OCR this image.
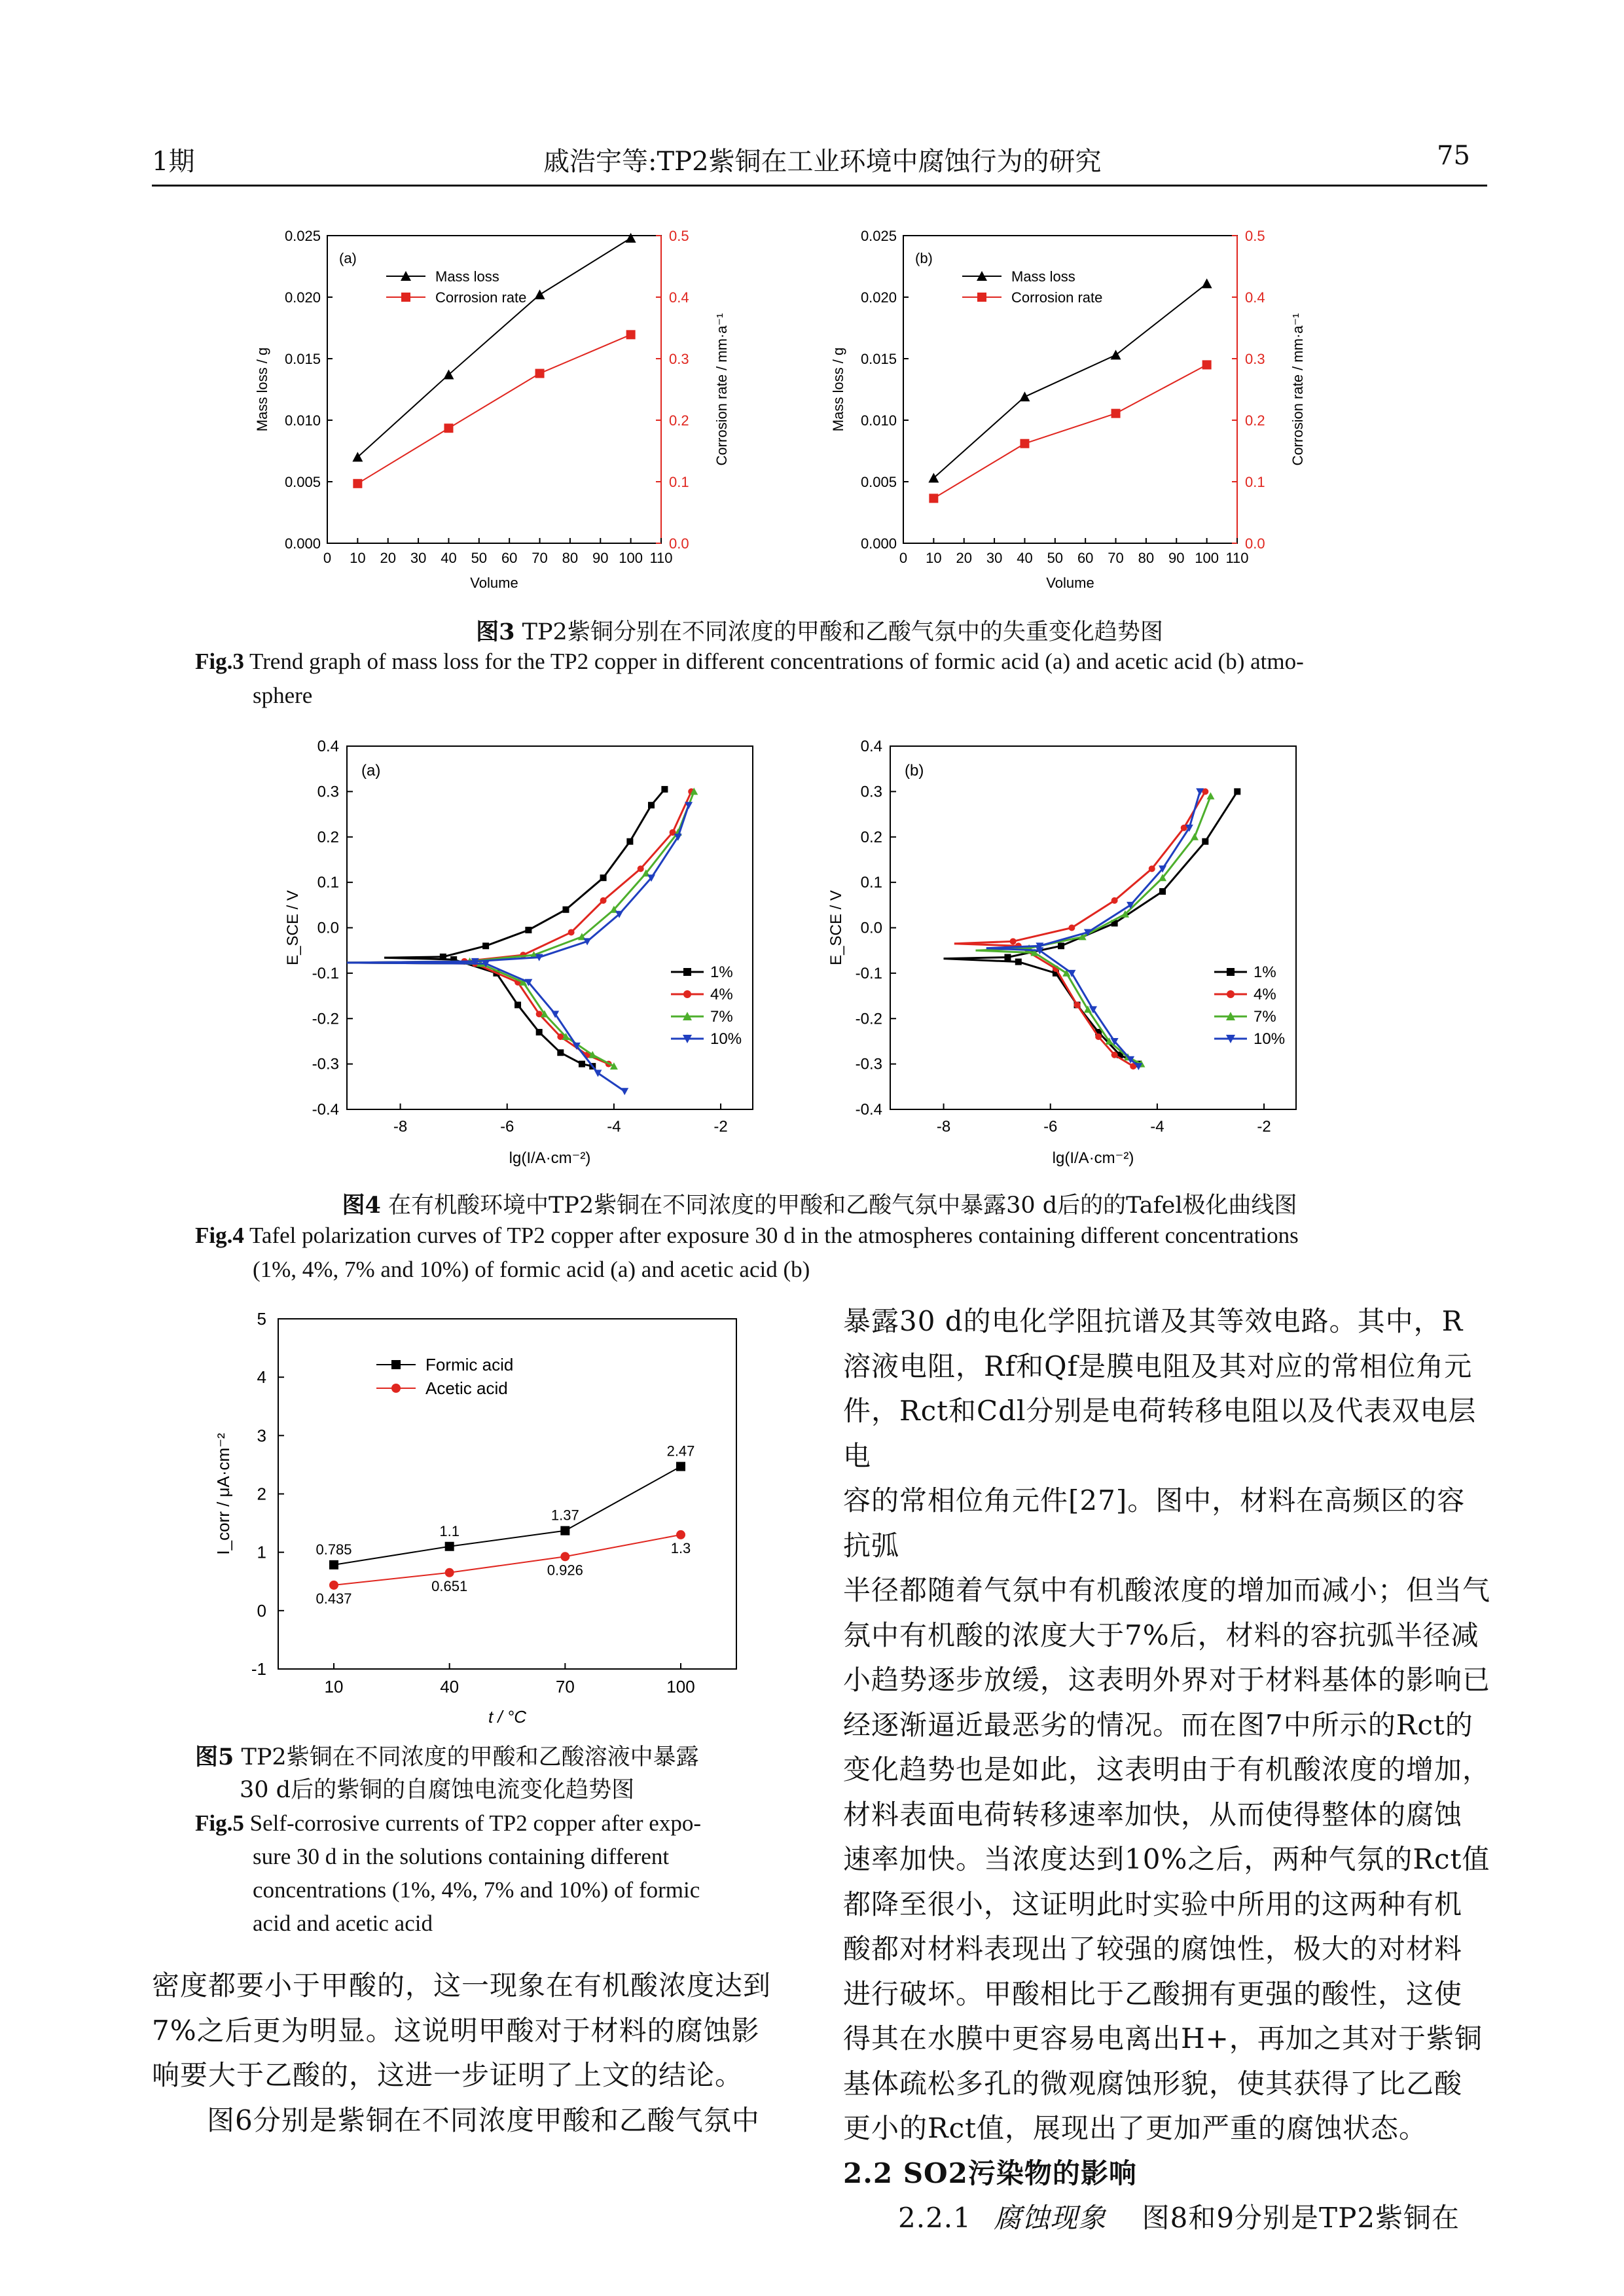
1期	戚浩宇等:TP2紫铜在工业环境中腐蚀行为的研究	75
0 10 20 30 40 50 60 70 80 90 100 110
0.000
0.005
0.010
0.015
0.020
0.025
0.0
0.1
0.2
0.3
0.4
0.5
Volume
Mass loss / g	Corrosion rate / mm·a⁻¹
(a)
Mass loss
Corrosion rate
0 10 20 30 40 50 60 70 80 90 100 110
0.000
0.005
0.010
0.015
0.020
0.025
0.0
0.1
0.2
0.3
0.4
0.5
Volume
Mass loss / g	Corrosion rate / mm·a⁻¹
(b)
Mass loss
Corrosion rate
图3 TP2紫铜分别在不同浓度的甲酸和乙酸气氛中的失重变化趋势图
Fig.3 Trend graph of mass loss for the TP2 copper in different concentrations of formic acid (a) and acetic acid (b) atmo-
sphere
-8	-6	-4	-2
-0.4
-0.3
-0.2
-0.1
0.0
0.1
0.2
0.3
0.4
lg(I/A·cm⁻²)
E_SCE / V
(a)
1%
4%
7%
10%
-8	-6	-4	-2
-0.4
-0.3
-0.2
-0.1
0.0
0.1
0.2
0.3
0.4
lg(I/A·cm⁻²)
E_SCE / V
(b)
1%
4%
7%
10%
图4 在有机酸环境中TP2紫铜在不同浓度的甲酸和乙酸气氛中暴露30 d后的的Tafel极化曲线图
Fig.4 Tafel polarization curves of TP2 copper after exposure 30 d in the atmospheres containing different concentrations
(1%, 4%, 7% and 10%) of formic acid (a) and acetic acid (b)
10	40	70	100
-1
0
1
2
3
4
5
t / °C
I_corr / μA·cm⁻²	0.785
1.1
1.37
2.47
Formic acid
0.437
0.651
0.926
1.3
Acetic acid
图5 TP2紫铜在不同浓度的甲酸和乙酸溶液中暴露
30 d后的紫铜的自腐蚀电流变化趋势图
Fig.5 Self-corrosive currents of TP2 copper after expo-
sure 30 d in the solutions containing different
concentrations (1%, 4%, 7% and 10%) of formic
acid and acetic acid

密度都要小于甲酸的，这一现象在有机酸浓度达到

7%之后更为明显。这说明甲酸对于材料的腐蚀影

响要大于乙酸的，这进一步证明了上文的结论。

图6分别是紫铜在不同浓度甲酸和乙酸气氛中

暴露30 d的电化学阻抗谱及其等效电路。其中，R

溶液电阻，Rf和Qf是膜电阻及其对应的常相位角元

件，Rct和Cdl分别是电荷转移电阻以及代表双电层电

容的常相位角元件[27]。图中，材料在高频区的容抗弧

半径都随着气氛中有机酸浓度的增加而减小；但当气

氛中有机酸的浓度大于7%后，材料的容抗弧半径减

小趋势逐步放缓，这表明外界对于材料基体的影响已

经逐渐逼近最恶劣的情况。而在图7中所示的Rct的

变化趋势也是如此，这表明由于有机酸浓度的增加，

材料表面电荷转移速率加快，从而使得整体的腐蚀

速率加快。当浓度达到10%之后，两种气氛的Rct值

都降至很小，这证明此时实验中所用的这两种有机

酸都对材料表现出了较强的腐蚀性，极大的对材料

进行破坏。甲酸相比于乙酸拥有更强的酸性，这使

得其在水膜中更容易电离出H+，再加之其对于紫铜

基体疏松多孔的微观腐蚀形貌，使其获得了比乙酸

更小的Rct值，展现出了更加严重的腐蚀状态。

2.2 SO2污染物的影响

2.2.1 腐蚀现象 图8和9分别是TP2紫铜在
